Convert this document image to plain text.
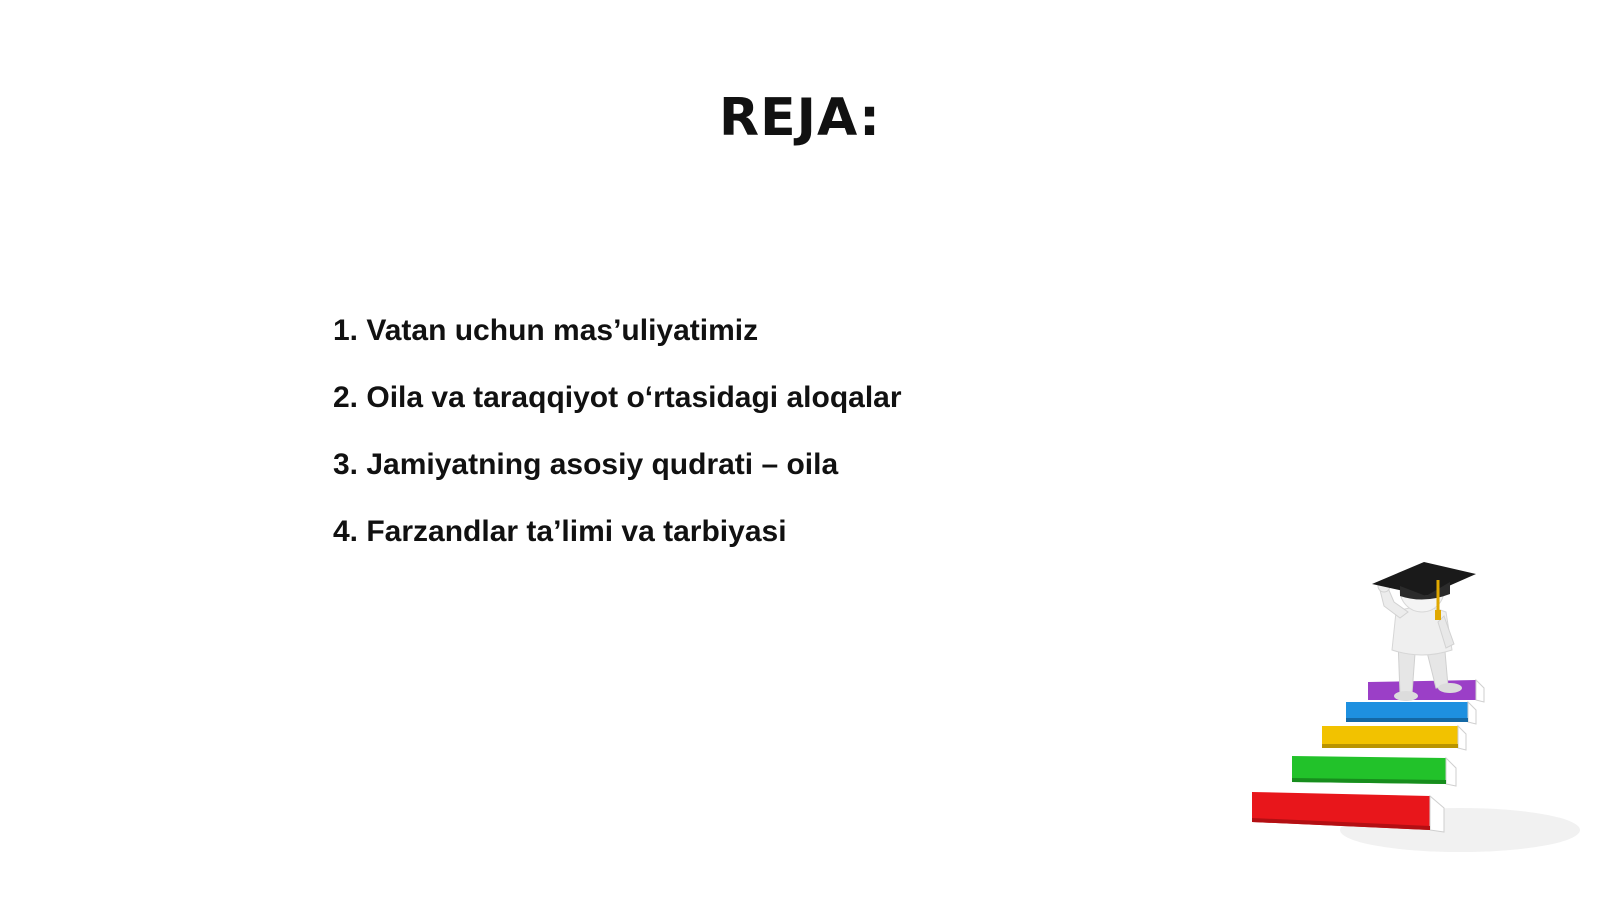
REJA:
1. Vatan uchun mas’uliyatimiz
2. Oila va taraqqiyot o‘rtasidagi aloqalar
3. Jamiyatning asosiy qudrati – oila
4. Farzandlar ta’limi va tarbiyasi
